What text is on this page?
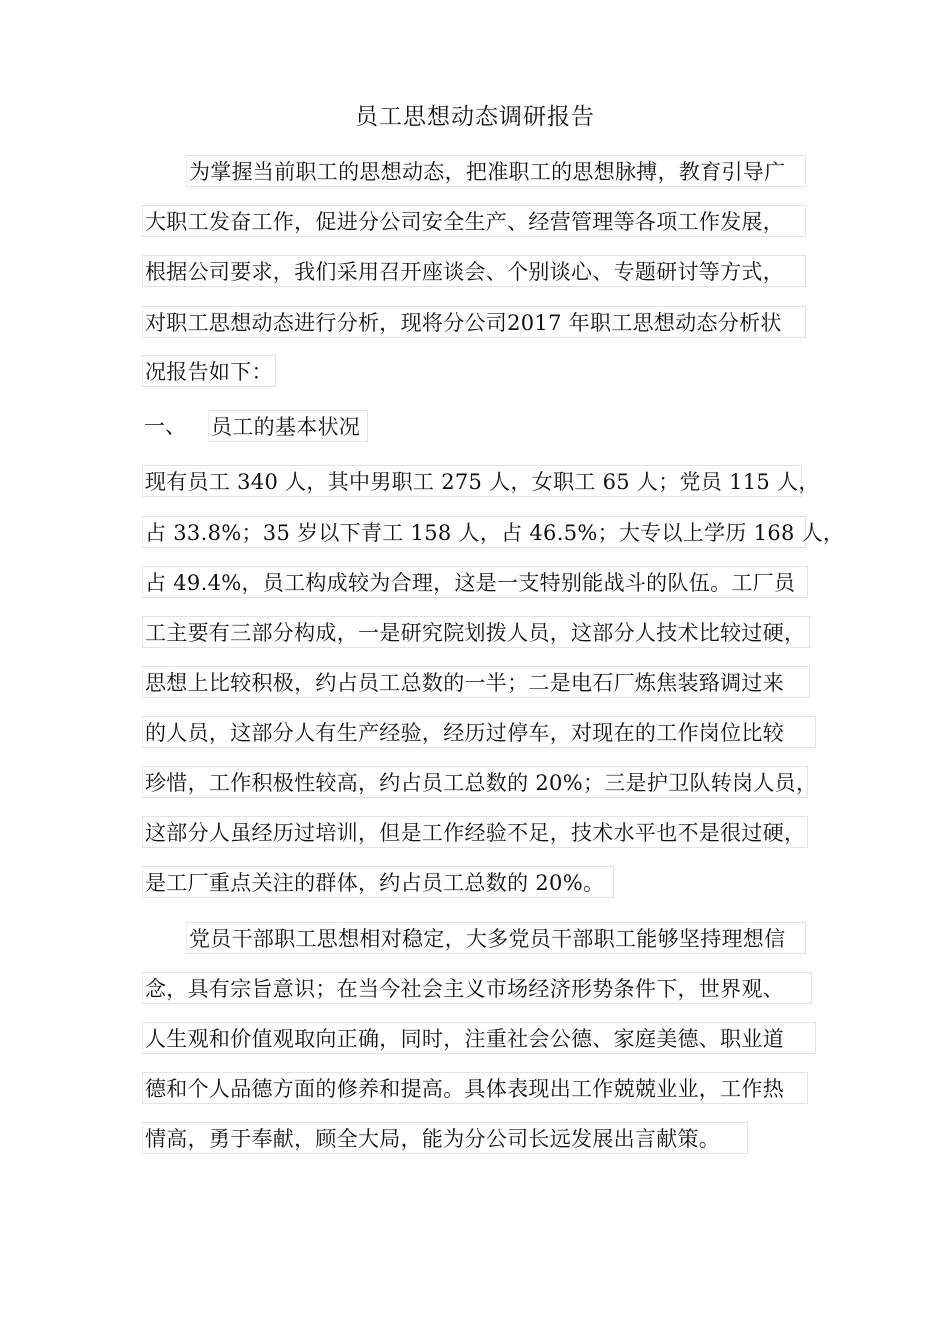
员工思想动态调研报告
为掌握当前职工的思想动态，把准职工的思想脉搏，教育引导广
大职工发奋工作，促进分公司安全生产、经营管理等各项工作发展，
根据公司要求，我们采用召开座谈会、个别谈心、专题研讨等方式，
对职工思想动态进行分析，现将分公司2017 年职工思想动态分析状
况报告如下：
一、 员工的基本状况
现有员工 340 人，其中男职工 275 人，女职工 65 人；党员 115 人，
占 33.8%；35 岁以下青工 158 人，占 46.5%；大专以上学历 168 人，
占 49.4%，员工构成较为合理，这是一支特别能战斗的队伍。工厂员
工主要有三部分构成，一是研究院划拨人员，这部分人技术比较过硬，
思想上比较积极，约占员工总数的一半；二是电石厂炼焦装臵调过来
的人员，这部分人有生产经验，经历过停车，对现在的工作岗位比较
珍惜，工作积极性较高，约占员工总数的 20%；三是护卫队转岗人员，
这部分人虽经历过培训，但是工作经验不足，技术水平也不是很过硬，
是工厂重点关注的群体，约占员工总数的 20%。
党员干部职工思想相对稳定，大多党员干部职工能够坚持理想信
念，具有宗旨意识；在当今社会主义市场经济形势条件下，世界观、
人生观和价值观取向正确，同时，注重社会公德、家庭美德、职业道
德和个人品德方面的修养和提高。具体表现出工作兢兢业业，工作热
情高，勇于奉献，顾全大局，能为分公司长远发展出言献策。
